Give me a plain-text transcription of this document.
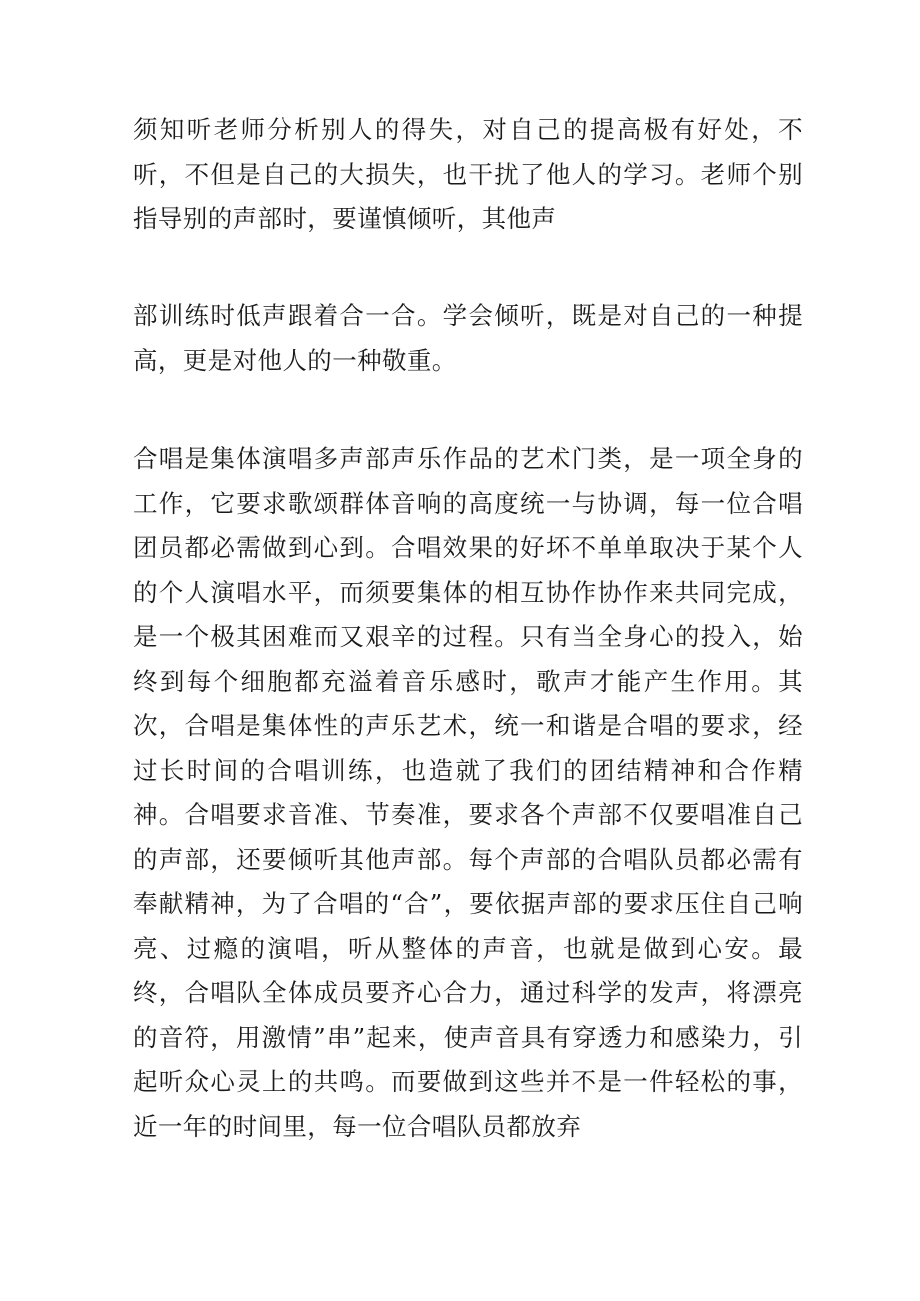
须知听老师分析别人的得失，对自己的提高极有好处，不听，不但是自己的大损失，也干扰了他人的学习。老师个别指导别的声部时，要谨慎倾听，其他声

部训练时低声跟着合一合。学会倾听，既是对自己的一种提高，更是对他人的一种敬重。

合唱是集体演唱多声部声乐作品的艺术门类，是一项全身的工作，它要求歌颂群体音响的高度统一与协调，每一位合唱团员都必需做到心到。合唱效果的好坏不单单取决于某个人的个人演唱水平，而须要集体的相互协作协作来共同完成，是一个极其困难而又艰辛的过程。只有当全身心的投入，始终到每个细胞都充溢着音乐感时，歌声才能产生作用。其次，合唱是集体性的声乐艺术，统一和谐是合唱的要求，经过长时间的合唱训练，也造就了我们的团结精神和合作精神。合唱要求音准、节奏准，要求各个声部不仅要唱准自己的声部，还要倾听其他声部。每个声部的合唱队员都必需有奉献精神，为了合唱的“合”，要依据声部的要求压住自己响亮、过瘾的演唱，听从整体的声音，也就是做到心安。最终，合唱队全体成员要齐心合力，通过科学的发声，将漂亮的音符，用激情”串”起来，使声音具有穿透力和感染力，引起听众心灵上的共鸣。而要做到这些并不是一件轻松的事，近一年的时间里，每一位合唱队员都放弃
